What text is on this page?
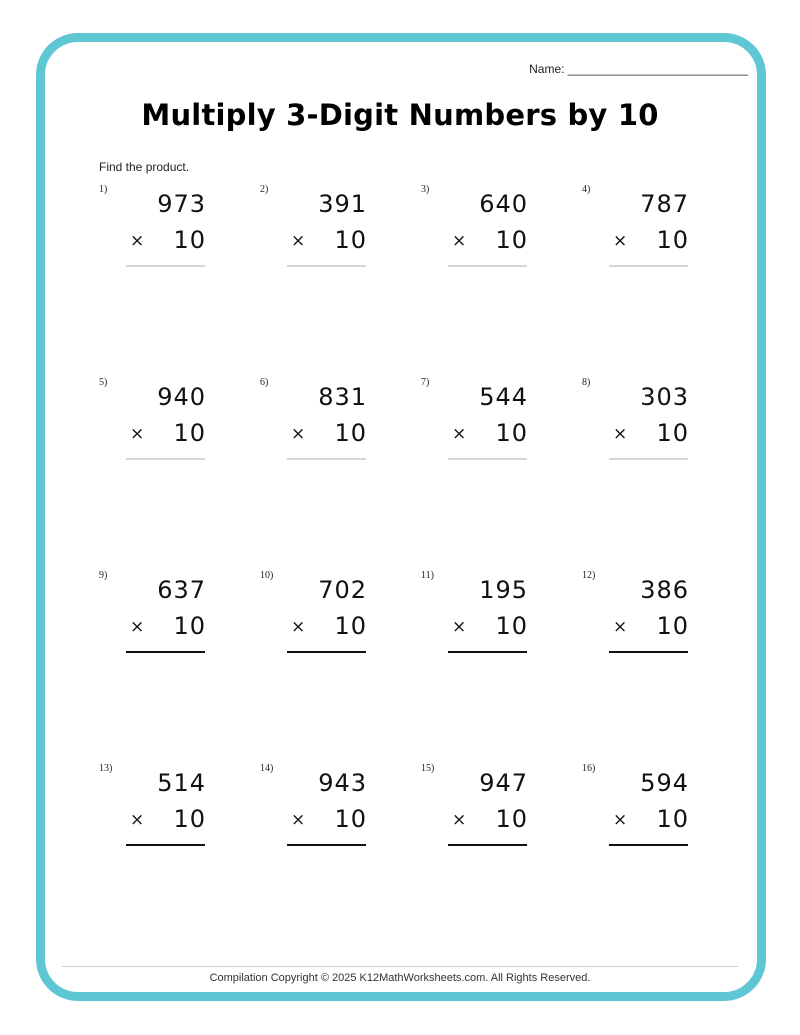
Name: ___________________________
Multiply 3-Digit Numbers by 10
Find the product.
1)
973
× 10
2)
391
× 10
3)
640
× 10
4)
787
× 10
5)
940
× 10
6)
831
× 10
7)
544
× 10
8)
303
× 10
9)
637
× 10
10)
702
× 10
11)
195
× 10
12)
386
× 10
13)
514
× 10
14)
943
× 10
15)
947
× 10
16)
594
× 10
Compilation Copyright © 2025 K12MathWorksheets.com. All Rights Reserved.
